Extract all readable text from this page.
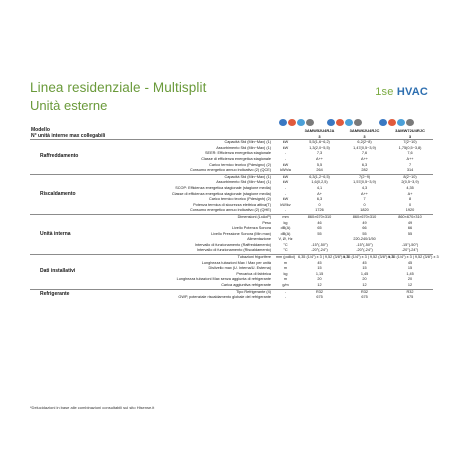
Linea residenziale - Multisplit
Unità esterne
1se HVAC
Modello			3AMW52U4RJA	3AMW62U4RJC	3AMW72U4RJC
N° unità interne max collegabili			3	3	3
Raffreddamento	Capacità Std (Min~Max) (1)	kW	5,5(1,6~6,2)	6,2(2~8)	7(2~10)
	Assorbimento Std (Min~Max) (1)	kW	1,3(2,0~5,5)	1,47(0,5~3,9)	1,75(0,5~3,8)
	SEER: Efficienza energetica stagionale	-	7,3	7,6	7,6
	Classe di efficienza energetica stagionale	-	A++	A++	A++
	Carico termico teorico (Pdesignc) (2)	kW	5,5	6,3	7
	Consumo energetico annuo indicativo (2) (QCE)	kWh/a	264	282	314
Riscaldamento	Capacità Std (Min~Max) (1)	kW	6,3(1,2~6,5)	7(2~9)	8(2~10)
	Assorbimento Std (Min~Max) (1)	kW	1,6(0,2,5)	1,57(0,5~3,9)	2(0,5~3,9)
	SCOP: Efficienza energetica stagionale (stagione media)	-	4,1	4,3	4,35
	Classe di efficienza energetica stagionale (stagione media)	-	A+	A++	A+
	Carico termico teorico (Pdesignh) (2)	kW	6,3	7	8
	Potenza termica di sicurezza elettrica attiva(T)	kW/kv	0	0	0
	Consumo energetico annuo indicativo (2) (QHE)	-	1726	1820	1920
Unità interna	Dimensioni (LxAxP)	mm	860×670×310	860×670×310	860×670×310
	Peso	kg	46	49	49
	Livello Potenza Sonora	dB(A)	65	66	66
	Livello Pressione Sonora (Min max)	dB(A)	55	55	55
	Alimentazione	V, Ø, Hz		220-240/1/50	
	Intervallo di funzionamento (Raffreddamento)	°C	-15°(-50°)	-15°(-50°)	-15°(-50°)
	Intervallo di funzionamento (Riscaldamento)	°C	-20°(-24°)	-20°(-24°)	-20°(-24°)
Dati installativi	Tubazioni frigorifere	mm (pollici)	6,35 (1/4") x 3 | 9,52 (3/8") x 3	6,35 (1/4") x 3 | 9,52 (3/8") x 3	6,35 (1/4") x 3 | 9,52 (3/8") x 3
	Lunghezza tubazioni Max / Max per unità	m	45	45	45
	Dislivello max (U. Interna/U. Esterna)	m	15	15	15
	Precarica di fabbrica	kg	1,15	1,45	1,45
	Lunghezza tubazioni Max senza aggiunta di refrigerante	m	20	20	20
	Carica aggiuntiva refrigerante	g/m	12	12	12
Refrigerante	Tipo Refrigerante (4)	-	R32	R32	R32
	GWP, potenziale riscaldamento globale del refrigerante	-	675	675	675
*Delucidazioni in base alle combinazioni consultabili sul sito Hisense.it
